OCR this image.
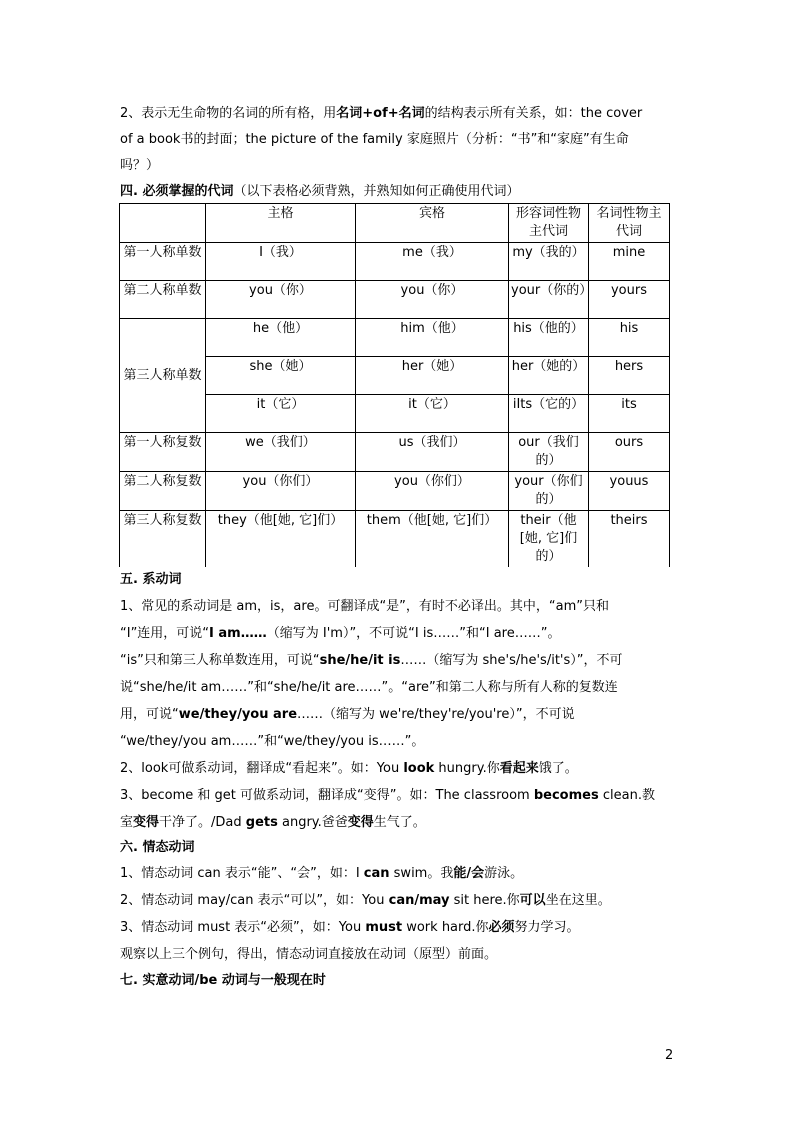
2、表示无生命物的名词的所有格，用名词+of+名词的结构表示所有关系，如：the cover
of a book书的封面；the picture of the family 家庭照片（分析：“书”和“家庭”有生命
吗？）
四. 必须掌握的代词（以下表格必须背熟，并熟知如何正确使用代词）
	主格	宾格	形容词性物主代词	名词性物主代词
第一人称单数	I（我）	me（我）	my（我的）	mine
第二人称单数	you（你）	you（你）	your（你的）	yours
第三人称单数	he（他）	him（他）	his（他的）	his
	she（她）	her（她）	her（她的）	hers
	it（它）	it（它）	iIts（它的）	its
第一人称复数	we（我们）	us（我们）	our（我们的）	ours
第二人称复数	you（你们）	you（你们）	your（你们的）	youus
第三人称复数	they（他[她, 它]们）	them（他[她, 它]们）	their（他[她, 它]们的）	theirs
五. 系动词
1、常见的系动词是 am，is，are。可翻译成“是”，有时不必译出。其中，“am”只和
“I”连用，可说“I am……（缩写为 I'm）”，不可说“I is……”和“I are……”。
“is”只和第三人称单数连用，可说“she/he/it is……（缩写为 she's/he's/it's）”，不可
说“she/he/it am……”和“she/he/it are……”。“are”和第二人称与所有人称的复数连
用，可说“we/they/you are……（缩写为 we're/they're/you're）”，不可说
“we/they/you am……”和“we/they/you is……”。
2、look可做系动词，翻译成“看起来”。如：You look hungry.你看起来饿了。
3、become 和 get 可做系动词，翻译成“变得”。如：The classroom becomes clean.教
室变得干净了。/Dad gets angry.爸爸变得生气了。
六. 情态动词
1、情态动词 can 表示“能”、“会”，如：I can swim。我能/会游泳。
2、情态动词 may/can 表示“可以”，如：You can/may sit here.你可以坐在这里。
3、情态动词 must 表示“必须”，如：You must work hard.你必须努力学习。
观察以上三个例句，得出，情态动词直接放在动词（原型）前面。
七. 实意动词/be 动词与一般现在时
2
